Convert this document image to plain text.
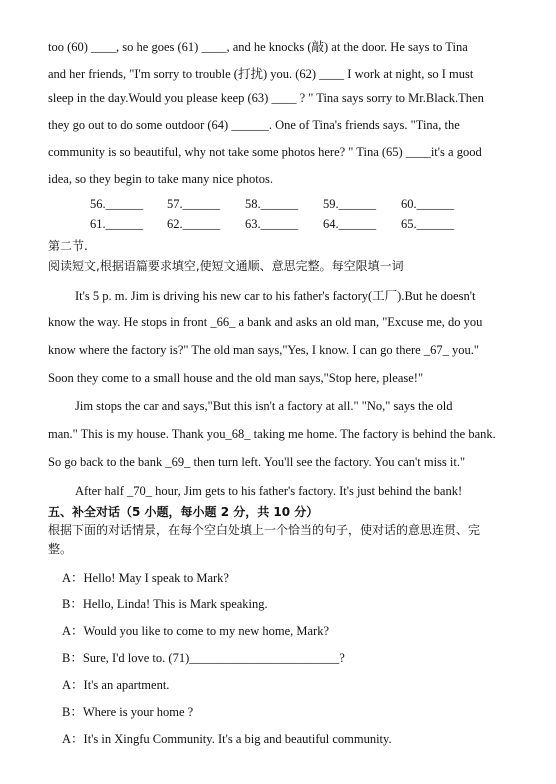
too (60) ____, so he goes (61) ____, and he knocks (敲) at the door. He says to Tina
and her friends, "I'm sorry to trouble (打扰) you. (62) ____ I work at night, so I must
sleep in the day.Would you please keep (63) ____ ? " Tina says sorry to Mr.Black.Then
they go out to do some outdoor (64) ______. One of Tina's friends says. "Tina, the
community is so beautiful, why not take some photos here? " Tina (65) ____it's a good
idea, so they begin to take many nice photos.
56.______ 57.______ 58.______ 59.______ 60.______
61.______ 62.______ 63.______ 64.______ 65.______
第二节.
阅读短文,根据语篇要求填空,使短文通顺、意思完整。每空限填一词
It's 5 p. m. Jim is driving his new car to his father's factory(工厂).But he doesn't
know the way. He stops in front _66_ a bank and asks an old man, "Excuse me, do you
know where the factory is?" The old man says,"Yes, I know. I can go there _67_ you."
Soon they come to a small house and the old man says,"Stop here, please!"
Jim stops the car and says,"But this isn't a factory at all." "No," says the old
man." This is my house. Thank you_68_ taking me home. The factory is behind the bank.
So go back to the bank _69_ then turn left. You'll see the factory. You can't miss it."
After half _70_ hour, Jim gets to his father's factory. It's just behind the bank!
五、补全对话（5 小题，每小题 2 分，共 10 分）
根据下面的对话情景，在每个空白处填上一个恰当的句子，使对话的意思连贯、完
整。
A：Hello! May I speak to Mark?
B：Hello, Linda! This is Mark speaking.
A：Would you like to come to my new home, Mark?
B：Sure, I'd love to. (71)________________________?
A：It's an apartment.
B：Where is your home ?
A：It's in Xingfu Community. It's a big and beautiful community.
